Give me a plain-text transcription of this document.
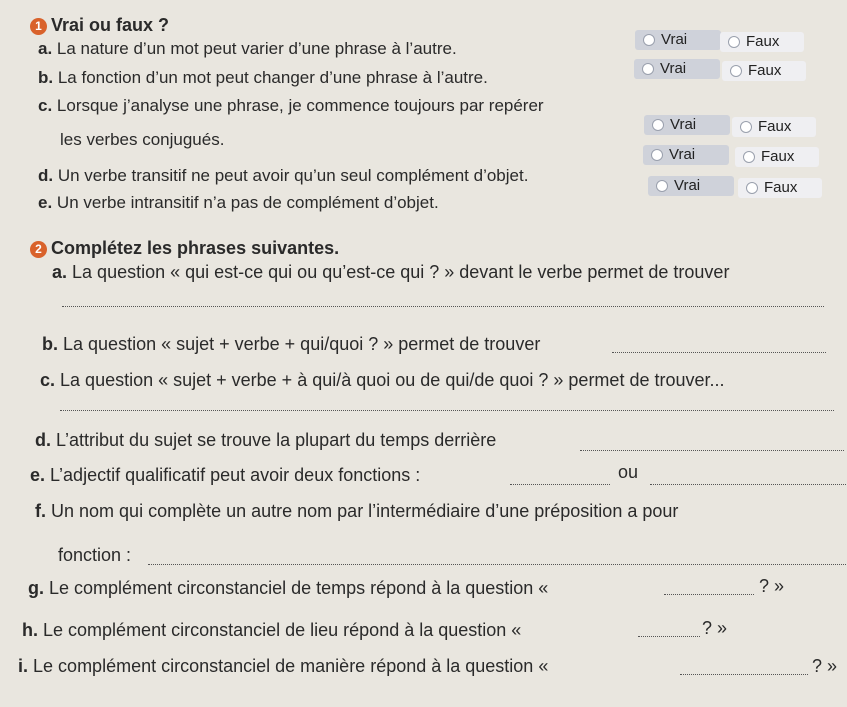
1 Vrai ou faux ?
a. La nature d’un mot peut varier d’une phrase à l’autre.
b. La fonction d’un mot peut changer d’une phrase à l’autre.
c. Lorsque j’analyse une phrase, je commence toujours par repérer
les verbes conjugués.
d. Un verbe transitif ne peut avoir qu’un seul complément d’objet.
e. Un verbe intransitif n’a pas de complément d’objet.
Vrai	Faux
Vrai	Faux
Vrai	Faux
Vrai	Faux
Vrai	Faux
2 Complétez les phrases suivantes.
a. La question « qui est-ce qui ou qu’est-ce qui ? » devant le verbe permet de trouver
b. La question « sujet + verbe + qui/quoi ? » permet de trouver
c. La question « sujet + verbe + à qui/à quoi ou de qui/de quoi ? » permet de trouver...
d. L’attribut du sujet se trouve la plupart du temps derrière
e. L’adjectif qualificatif peut avoir deux fonctions :	ou
f. Un nom qui complète un autre nom par l’intermédiaire d’une préposition a pour
fonction :
g. Le complément circonstanciel de temps répond à la question «	? »
h. Le complément circonstanciel de lieu répond à la question «	? »
i. Le complément circonstanciel de manière répond à la question «	? »
